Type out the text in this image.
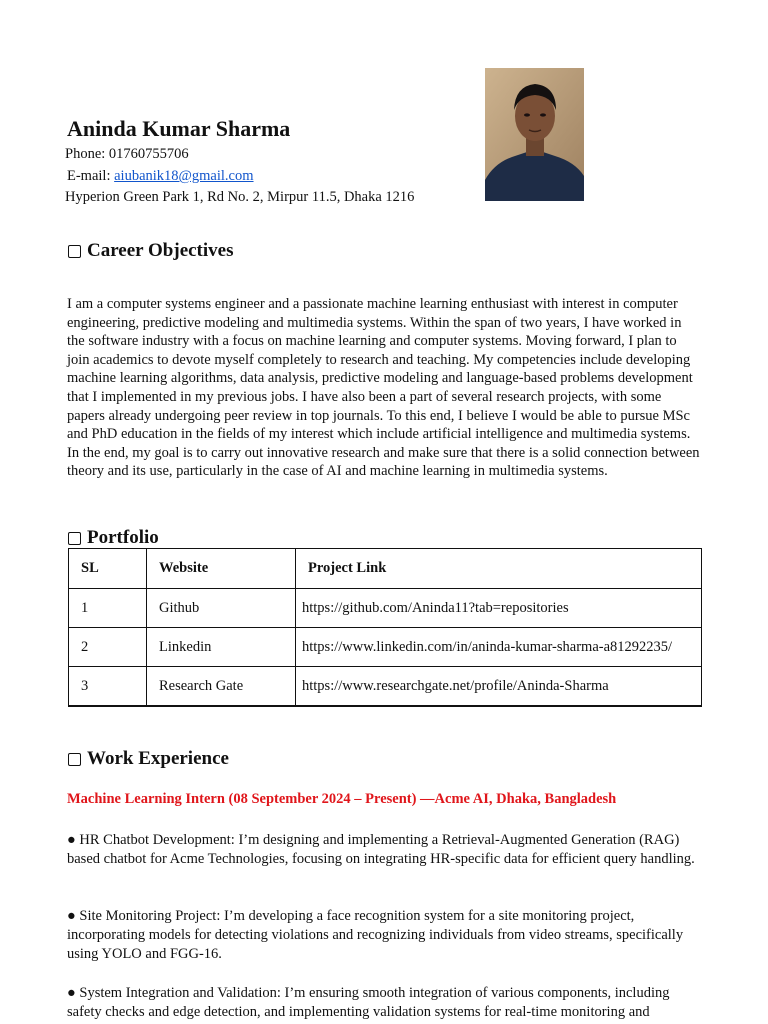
Aninda Kumar Sharma
Phone: 01760755706
E-mail: aiubanik18@gmail.com
Hyperion Green Park 1, Rd No. 2, Mirpur 11.5, Dhaka 1216
Career Objectives
I am a computer systems engineer and a passionate machine learning enthusiast with interest in computer engineering, predictive modeling and multimedia systems. Within the span of two years, I have worked in the software industry with a focus on machine learning and computer systems. Moving forward, I plan to join academics to devote myself completely to research and teaching. My competencies include developing machine learning algorithms, data analysis, predictive modeling and language-based problems development that I implemented in my previous jobs. I have also been a part of several research projects, with some papers already undergoing peer review in top journals. To this end, I believe I would be able to pursue MSc and PhD education in the fields of my interest which include artificial intelligence and multimedia systems. In the end, my goal is to carry out innovative research and make sure that there is a solid connection between theory and its use, particularly in the case of AI and machine learning in multimedia systems.
Portfolio
SL	Website	Project Link
1	Github	https://github.com/Aninda11?tab=repositories
2	Linkedin	https://www.linkedin.com/in/aninda-kumar-sharma-a81292235/
3	Research Gate	https://www.researchgate.net/profile/Aninda-Sharma
Work Experience
Machine Learning Intern (08 September 2024 – Present) —Acme AI, Dhaka, Bangladesh
● HR Chatbot Development: I’m designing and implementing a Retrieval-Augmented Generation (RAG) based chatbot for Acme Technologies, focusing on integrating HR-specific data for efficient query handling.
● Site Monitoring Project: I’m developing a face recognition system for a site monitoring project, incorporating models for detecting violations and recognizing individuals from video streams, specifically using YOLO and FGG-16.
● System Integration and Validation: I’m ensuring smooth integration of various components, including safety checks and edge detection, and implementing validation systems for real-time monitoring and
